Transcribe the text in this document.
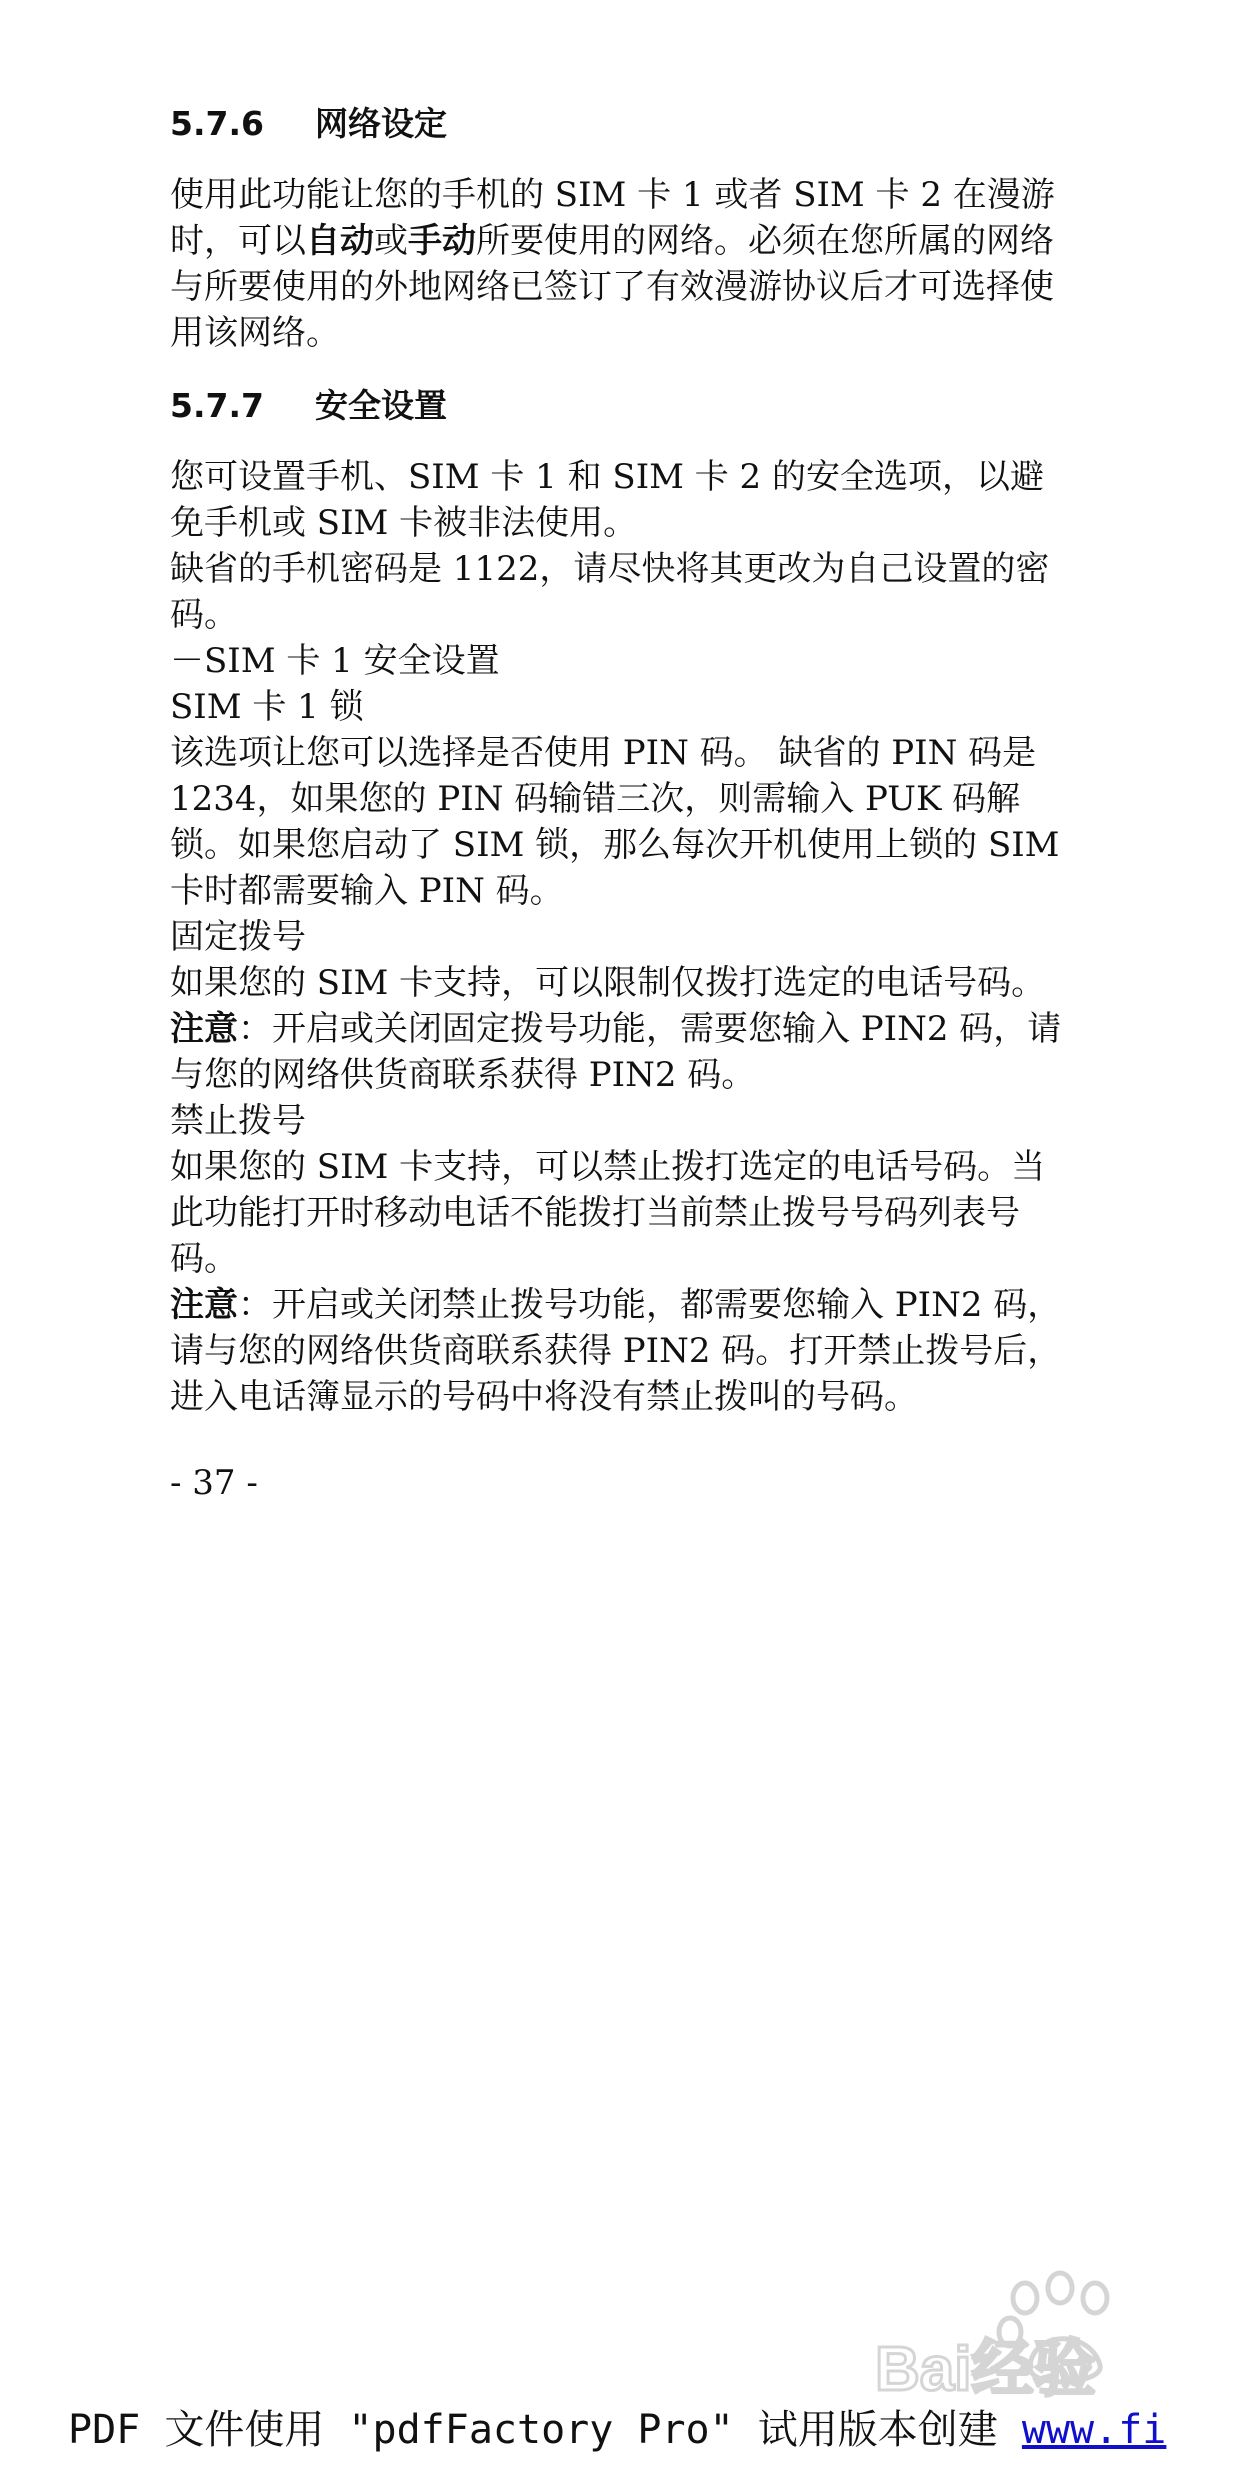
5.7.6	网络设定

使用此功能让您的手机的 SIM 卡 1 或者 SIM 卡 2 在漫游时，可以自动或手动所要使用的网络。必须在您所属的网络与所要使用的外地网络已签订了有效漫游协议后才可选择使用该网络。

5.7.7	安全设置

您可设置手机、SIM 卡 1 和 SIM 卡 2 的安全选项，以避免手机或 SIM 卡被非法使用。

缺省的手机密码是 1122，请尽快将其更改为自己设置的密码。

－SIM 卡 1 安全设置

SIM 卡 1 锁

该选项让您可以选择是否使用 PIN 码。 缺省的 PIN 码是 1234，如果您的 PIN 码输错三次，则需输入 PUK 码解锁。如果您启动了 SIM 锁，那么每次开机使用上锁的 SIM 卡时都需要输入 PIN 码。

固定拨号

如果您的 SIM 卡支持，可以限制仅拨打选定的电话号码。

注意：开启或关闭固定拨号功能，需要您输入 PIN2 码，请与您的网络供货商联系获得 PIN2 码。

禁止拨号

如果您的 SIM 卡支持，可以禁止拨打选定的电话号码。当此功能打开时移动电话不能拨打当前禁止拨号号码列表号码。

注意：开启或关闭禁止拨号功能，都需要您输入 PIN2 码，请与您的网络供货商联系获得 PIN2 码。打开禁止拨号后，进入电话簿显示的号码中将没有禁止拨叫的号码。

- 37 -
Bai经验
PDF 文件使用 "pdfFactory Pro" 试用版本创建 www.fi
